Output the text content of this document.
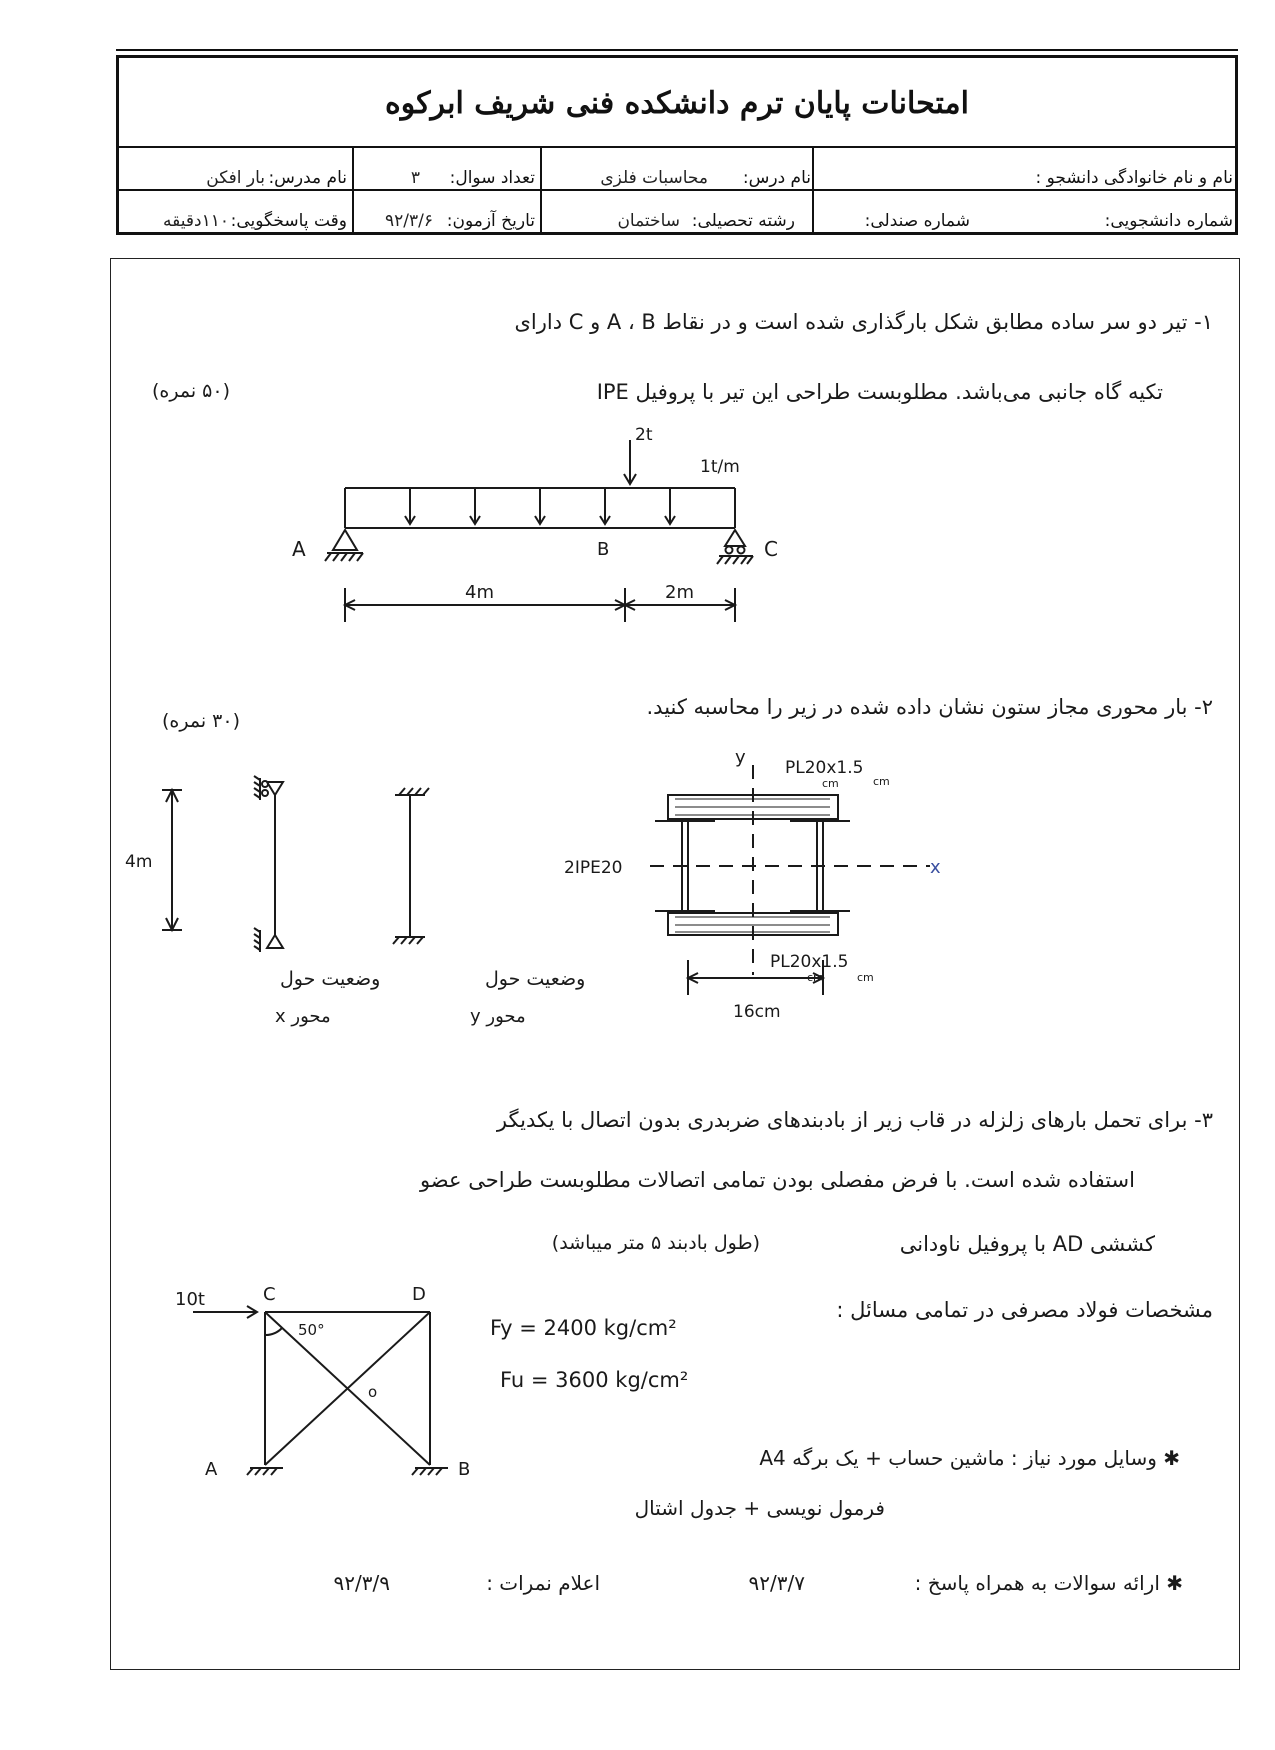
امتحانات پایان ترم دانشکده فنی شریف ابرکوه
نام و نام خانوادگی دانشجو :
نام درس:
محاسبات فلزی
تعداد سوال:
۳
نام مدرس:
بار افکن
شماره دانشجویی:
شماره صندلی:
رشته تحصیلی:
ساختمان
تاریخ آزمون:
۹۲/۳/۶
وقت پاسخگویی:
۱۱۰دقیقه
۱- تیر دو سر ساده مطابق شکل بارگذاری شده است و در نقاط A ، B و C دارای
تکیه گاه جانبی می‌باشد. مطلوبست طراحی این تیر با پروفیل IPE
(۵۰ نمره)
2t
1t/m
A	B	C
4m	2m
۲- بار محوری مجاز ستون نشان داده شده در زیر را محاسبه کنید.
(۳۰ نمره)
4m
وضعیت حول
محور x
وضعیت حول
محور y
x
y PL20x1.5
cm	cm
2IPE20
PL20x1.5
cm	cm
16cm
۳- برای تحمل بارهای زلزله در قاب زیر از بادبندهای ضربدری بدون اتصال با یکدیگر
استفاده شده است. با فرض مفصلی بودن تمامی اتصالات مطلوبست طراحی عضو
کششی AD با پروفیل ناودانی
(طول بادبند ۵ متر میباشد)
10t	C	D
50°
o
A	B
مشخصات فولاد مصرفی در تمامی مسائل :
Fy = 2400 kg/cm²
Fu = 3600 kg/cm²
✱ وسایل مورد نیاز : ماشین حساب + یک برگه A4
فرمول نویسی + جدول اشتال
✱ ارائه سوالات به همراه پاسخ :
۹۲/۳/۷
اعلام نمرات :
۹۲/۳/۹
